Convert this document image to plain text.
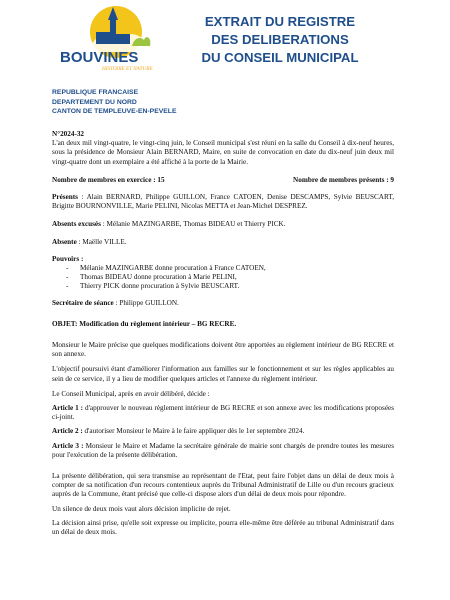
BOUVINES
HISTOIRE ET NATURE
EXTRAIT DU REGISTRE
DES DELIBERATIONS
DU CONSEIL MUNICIPAL
REPUBLIQUE FRANCAISE
DEPARTEMENT DU NORD
CANTON DE TEMPLEUVE-EN-PEVELE

N°2024-32

L'an deux mil vingt-quatre, le vingt-cinq juin, le Conseil municipal s'est réuni en la salle du Conseil à dix-neuf heures, sous la présidence de Monsieur Alain BERNARD, Maire, en suite de convocation en date du dix-neuf juin deux mil vingt-quatre dont un exemplaire a été affiché à la porte de la Mairie.

Nombre de membres en exercice : 15	Nombre de membres présents : 9

Présents : Alain BERNARD, Philippe GUILLON, France CATOEN, Denise DESCAMPS, Sylvie BEUSCART, Brigitte BOURNONVILLE, Marie PELINI, Nicolas METTA et Jean-Michel DESPREZ.

Absents excusés : Mélanie MAZINGARBE, Thomas BIDEAU et Thierry PICK.

Absente : Maëlle VILLE.

Pouvoirs :

- Mélanie MAZINGARBE donne procuration à France CATOEN,
- Thomas BIDEAU donne procuration à Marie PELINI,
- Thierry PICK donne procuration à Sylvie BEUSCART.

Secrétaire de séance : Philippe GUILLON.

OBJET: Modification du règlement intérieur – BG RECRE.

Monsieur le Maire précise que quelques modifications doivent être apportées au règlement intérieur de BG RECRE et son annexe.

L'objectif poursuivi étant d'améliorer l'information aux familles sur le fonctionnement et sur les règles applicables au sein de ce service, il y a lieu de modifier quelques articles et l'annexe du règlement intérieur.

Le Conseil Municipal, après en avoir délibéré, décide :

Article 1 : d'approuver le nouveau règlement intérieur de BG RECRE et son annexe avec les modifications proposées ci-joint.

Article 2 : d'autoriser Monsieur le Maire à le faire appliquer dès le 1er septembre 2024.

Article 3 : Monsieur le Maire et Madame la secrétaire générale de mairie sont chargés de prendre toutes les mesures pour l'exécution de la présente délibération.

La présente délibération, qui sera transmise au représentant de l'Etat, peut faire l'objet dans un délai de deux mois à compter de sa notification d'un recours contentieux auprès du Tribunal Administratif de Lille ou d'un recours gracieux auprès de la Commune, étant précisé que celle-ci dispose alors d'un délai de deux mois pour répondre.

Un silence de deux mois vaut alors décision implicite de rejet.

La décision ainsi prise, qu'elle soit expresse ou implicite, pourra elle-même être déférée au tribunal Administratif dans un délai de deux mois.
